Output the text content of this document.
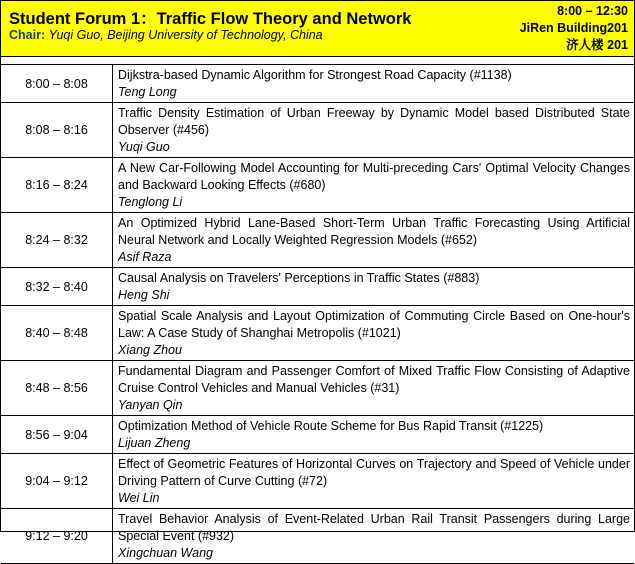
Student Forum 1：Traffic Flow Theory and Network
Chair: Yuqi Guo, Beijing University of Technology, China
8:00 – 12:30
JiRen Building201
济人楼 201
8:00 – 8:08
Dijkstra-based Dynamic Algorithm for Strongest Road Capacity (#1138)
Teng Long
8:08 – 8:16
Traffic Density Estimation of Urban Freeway by Dynamic Model based Distributed State Observer (#456)
Yuqi Guo
8:16 – 8:24
A New Car-Following Model Accounting for Multi-preceding Cars' Optimal Velocity Changes and Backward Looking Effects (#680)
Tenglong Li
8:24 – 8:32
An Optimized Hybrid Lane-Based Short-Term Urban Traffic Forecasting Using Artificial Neural Network and Locally Weighted Regression Models (#652)
Asif Raza
8:32 – 8:40
Causal Analysis on Travelers' Perceptions in Traffic States (#883)
Heng Shi
8:40 – 8:48
Spatial Scale Analysis and Layout Optimization of Commuting Circle Based on One-hour's Law: A Case Study of Shanghai Metropolis (#1021)
Xiang Zhou
8:48 – 8:56
Fundamental Diagram and Passenger Comfort of Mixed Traffic Flow Consisting of Adaptive Cruise Control Vehicles and Manual Vehicles (#31)
Yanyan Qin
8:56 – 9:04
Optimization Method of Vehicle Route Scheme for Bus Rapid Transit (#1225)
Lijuan Zheng
9:04 – 9:12
Effect of Geometric Features of Horizontal Curves on Trajectory and Speed of Vehicle under Driving Pattern of Curve Cutting (#72)
Wei Lin
9:12 – 9:20
Travel Behavior Analysis of Event-Related Urban Rail Transit Passengers during Large Special Event (#932)
Xingchuan Wang
